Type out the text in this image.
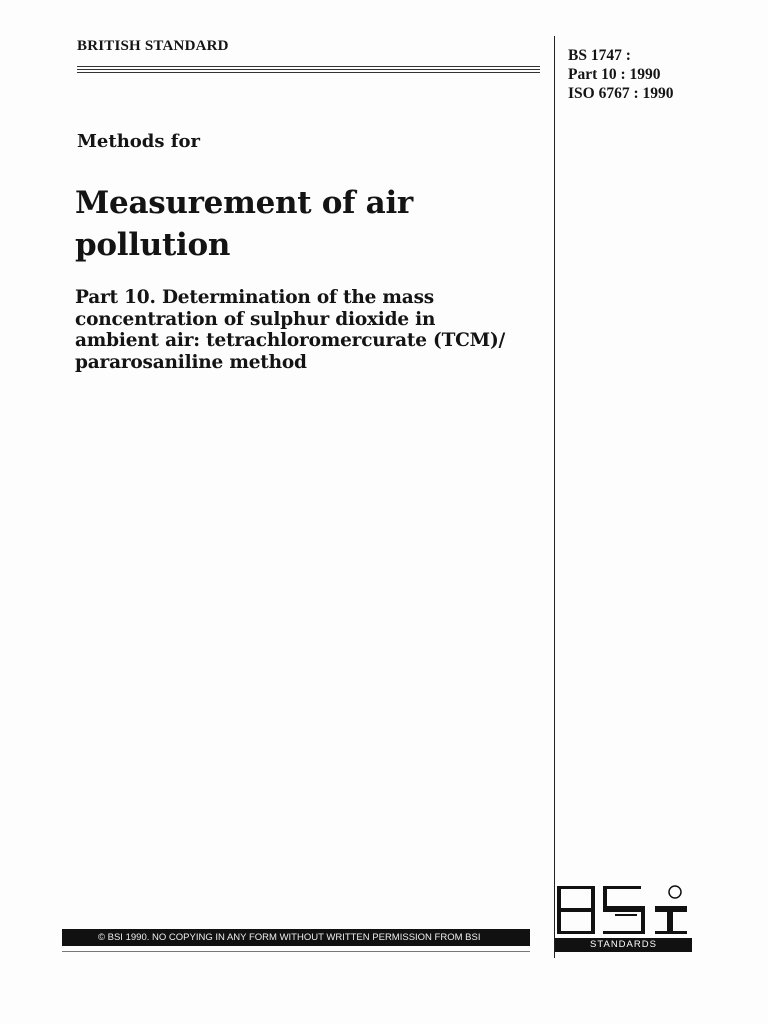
BRITISH STANDARD
BS 1747 :
Part 10 : 1990
ISO 6767 : 1990
Methods for
Measurement of air
pollution
Part 10. Determination of the mass
concentration of sulphur dioxide in
ambient air: tetrachloromercurate (TCM)/
pararosaniline method
© BSI 1990. NO COPYING IN ANY FORM WITHOUT WRITTEN PERMISSION FROM BSI
STANDARDS
